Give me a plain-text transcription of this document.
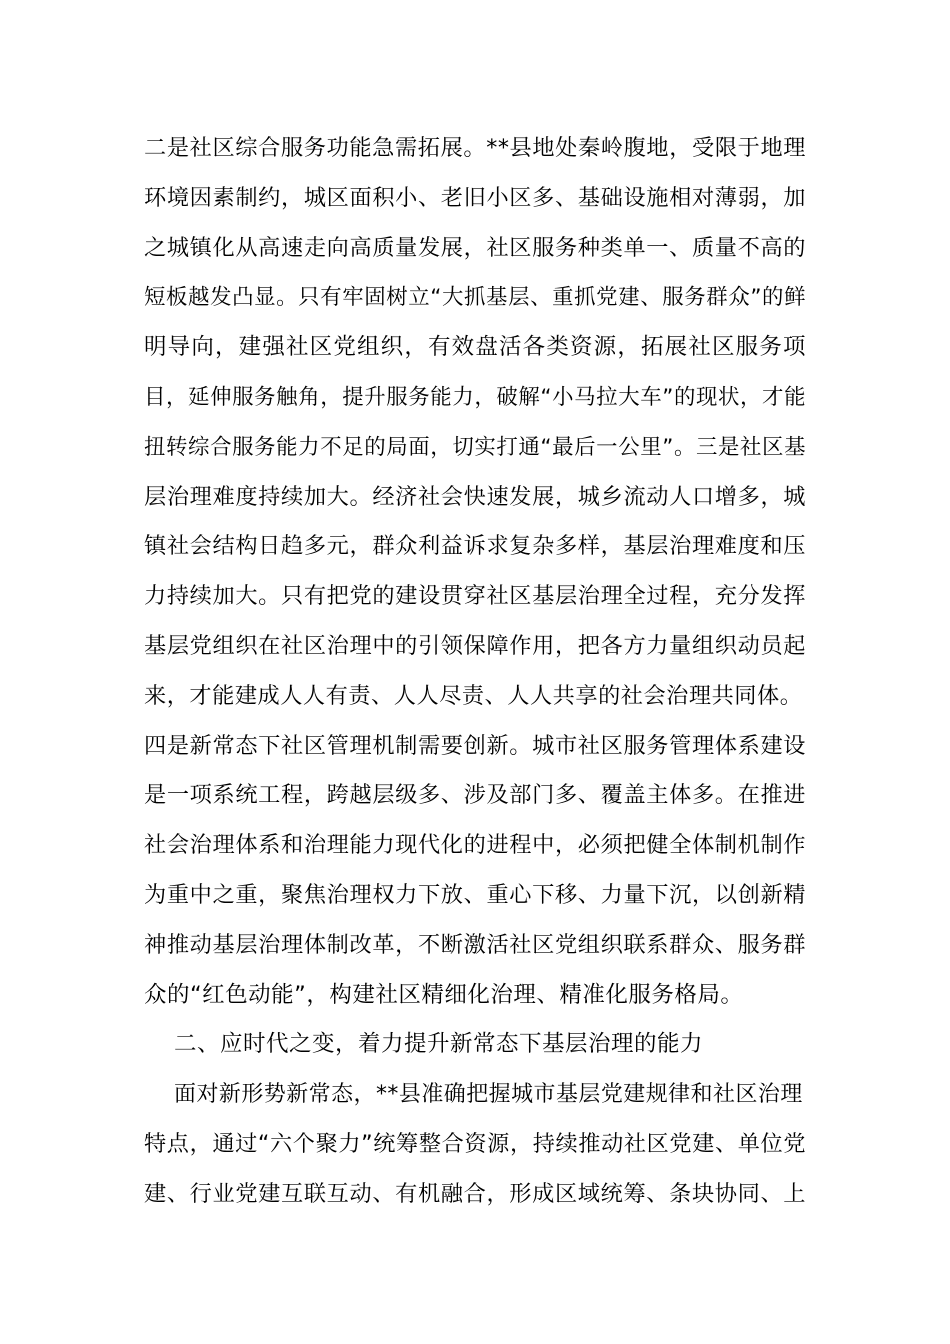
二是社区综合服务功能急需拓展。**县地处秦岭腹地，受限于地理
环境因素制约，城区面积小、老旧小区多、基础设施相对薄弱，加
之城镇化从高速走向高质量发展，社区服务种类单一、质量不高的
短板越发凸显。只有牢固树立“大抓基层、重抓党建、服务群众”的鲜
明导向，建强社区党组织，有效盘活各类资源，拓展社区服务项
目，延伸服务触角，提升服务能力，破解“小马拉大车”的现状，才能
扭转综合服务能力不足的局面，切实打通“最后一公里”。三是社区基
层治理难度持续加大。经济社会快速发展，城乡流动人口增多，城
镇社会结构日趋多元，群众利益诉求复杂多样，基层治理难度和压
力持续加大。只有把党的建设贯穿社区基层治理全过程，充分发挥
基层党组织在社区治理中的引领保障作用，把各方力量组织动员起
来，才能建成人人有责、人人尽责、人人共享的社会治理共同体。
四是新常态下社区管理机制需要创新。城市社区服务管理体系建设
是一项系统工程，跨越层级多、涉及部门多、覆盖主体多。在推进
社会治理体系和治理能力现代化的进程中，必须把健全体制机制作
为重中之重，聚焦治理权力下放、重心下移、力量下沉，以创新精
神推动基层治理体制改革，不断激活社区党组织联系群众、服务群
众的“红色动能”，构建社区精细化治理、精准化服务格局。
二、应时代之变，着力提升新常态下基层治理的能力
面对新形势新常态，**县准确把握城市基层党建规律和社区治理
特点，通过“六个聚力”统筹整合资源，持续推动社区党建、单位党
建、行业党建互联互动、有机融合，形成区域统筹、条块协同、上
